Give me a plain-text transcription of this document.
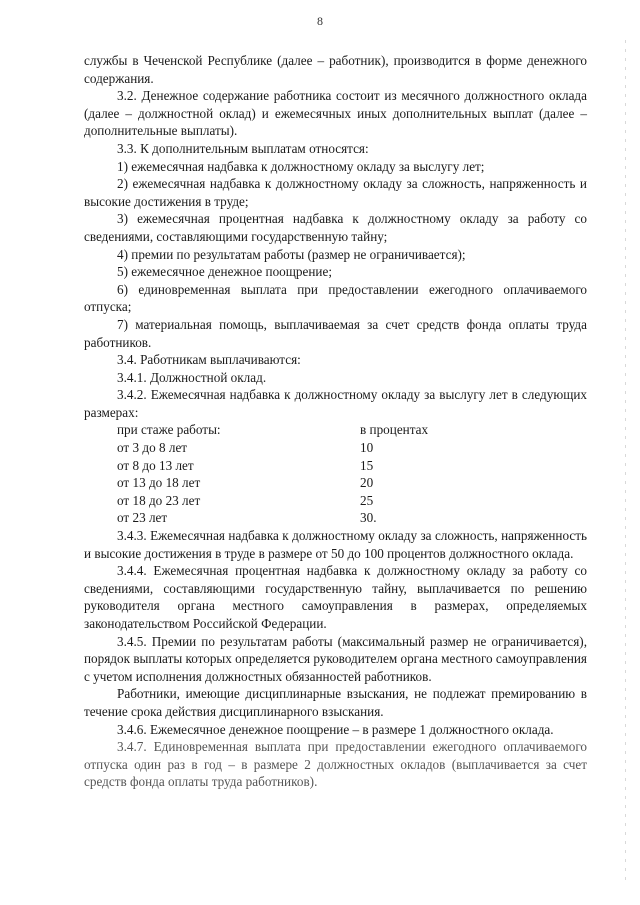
8

службы в Чеченской Республике (далее – работник), производится в форме денежного содержания.

3.2. Денежное содержание работника состоит из месячного должностного оклада (далее – должностной оклад) и ежемесячных иных дополнительных выплат (далее – дополнительные выплаты).

3.3. К дополнительным выплатам относятся:

1) ежемесячная надбавка к должностному окладу за выслугу лет;

2) ежемесячная надбавка к должностному окладу за сложность, напряженность и высокие достижения в труде;

3) ежемесячная процентная надбавка к должностному окладу за работу со сведениями, составляющими государственную тайну;

4) премии по результатам работы (размер не ограничивается);

5) ежемесячное денежное поощрение;

6) единовременная выплата при предоставлении ежегодного оплачиваемого отпуска;

7) материальная помощь, выплачиваемая за счет средств фонда оплаты труда работников.

3.4. Работникам выплачиваются:

3.4.1. Должностной оклад.

3.4.2. Ежемесячная надбавка к должностному окладу за выслугу лет в следующих размерах:

при стаже работы:	в процентах
от 3 до 8 лет	10
от 8 до 13 лет	15
от 13 до 18 лет	20
от 18 до 23 лет	25
от 23 лет	30.

3.4.3. Ежемесячная надбавка к должностному окладу за сложность, напряженность и высокие достижения в труде в размере от 50 до 100 процентов должностного оклада.

3.4.4. Ежемесячная процентная надбавка к должностному окладу за работу со сведениями, составляющими государственную тайну, выплачивается по решению руководителя органа местного самоуправления в размерах, определяемых законодательством Российской Федерации.

3.4.5. Премии по результатам работы (максимальный размер не ограничивается), порядок выплаты которых определяется руководителем органа местного самоуправления с учетом исполнения должностных обязанностей работников.

Работники, имеющие дисциплинарные взыскания, не подлежат премированию в течение срока действия дисциплинарного взыскания.

3.4.6. Ежемесячное денежное поощрение – в размере 1 должностного оклада.

3.4.7. Единовременная выплата при предоставлении ежегодного оплачиваемого отпуска один раз в год – в размере 2 должностных окладов (выплачивается за счет средств фонда оплаты труда работников).
